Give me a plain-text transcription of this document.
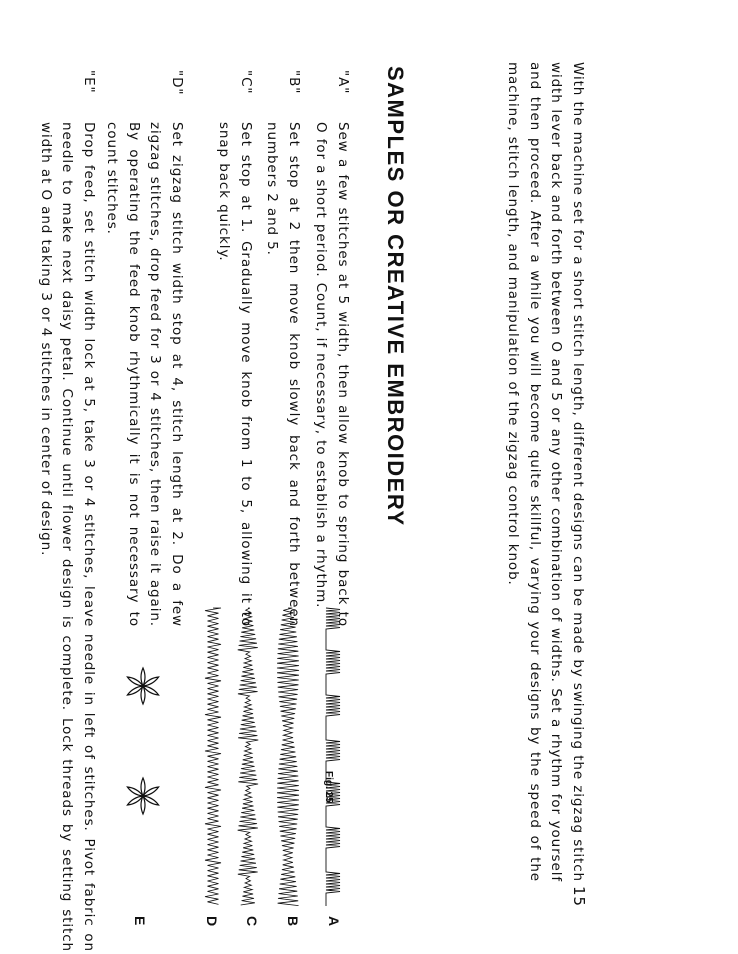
15

With the machine set for a short stitch length, different designs can be made by swinging the zigzag stitch width lever back and forth between O and 5 or any other combination of widths. Set a rhythm for yourself and then proceed. After a while you will become quite skillful, varying your designs by the speed of the machine, stitch length, and manipulation of the zigzag control knob.

SAMPLES OR CREATIVE EMBROIDERY
"A"
Sew a few stitches at 5 width, then allow knob to spring back to O for a short period. Count, if necessary, to establish a rhythm.
"B"
Set stop at 2 then move knob slowly back and forth between numbers 2 and 5.
"C"
Set stop at 1. Gradually move knob from 1 to 5, allowing it to snap back quickly.
"D"
Set zigzag stitch width stop at 4, stitch length at 2. Do a few zigzag stitches, drop feed for 3 or 4 stitches, then raise it again. By operating the feed knob rhythmically it is not necessary to count stitches.
"E"
Drop feed, set stitch width lock at 5, take 3 or 4 stitches, leave needle in left of stitches. Pivot fabric on needle to make next daisy petal. Continue until flower design is complete. Lock threads by setting stitch width at O and taking 3 or 4 stitches in center of design.
A
B
C
D
E
Fig. 25
